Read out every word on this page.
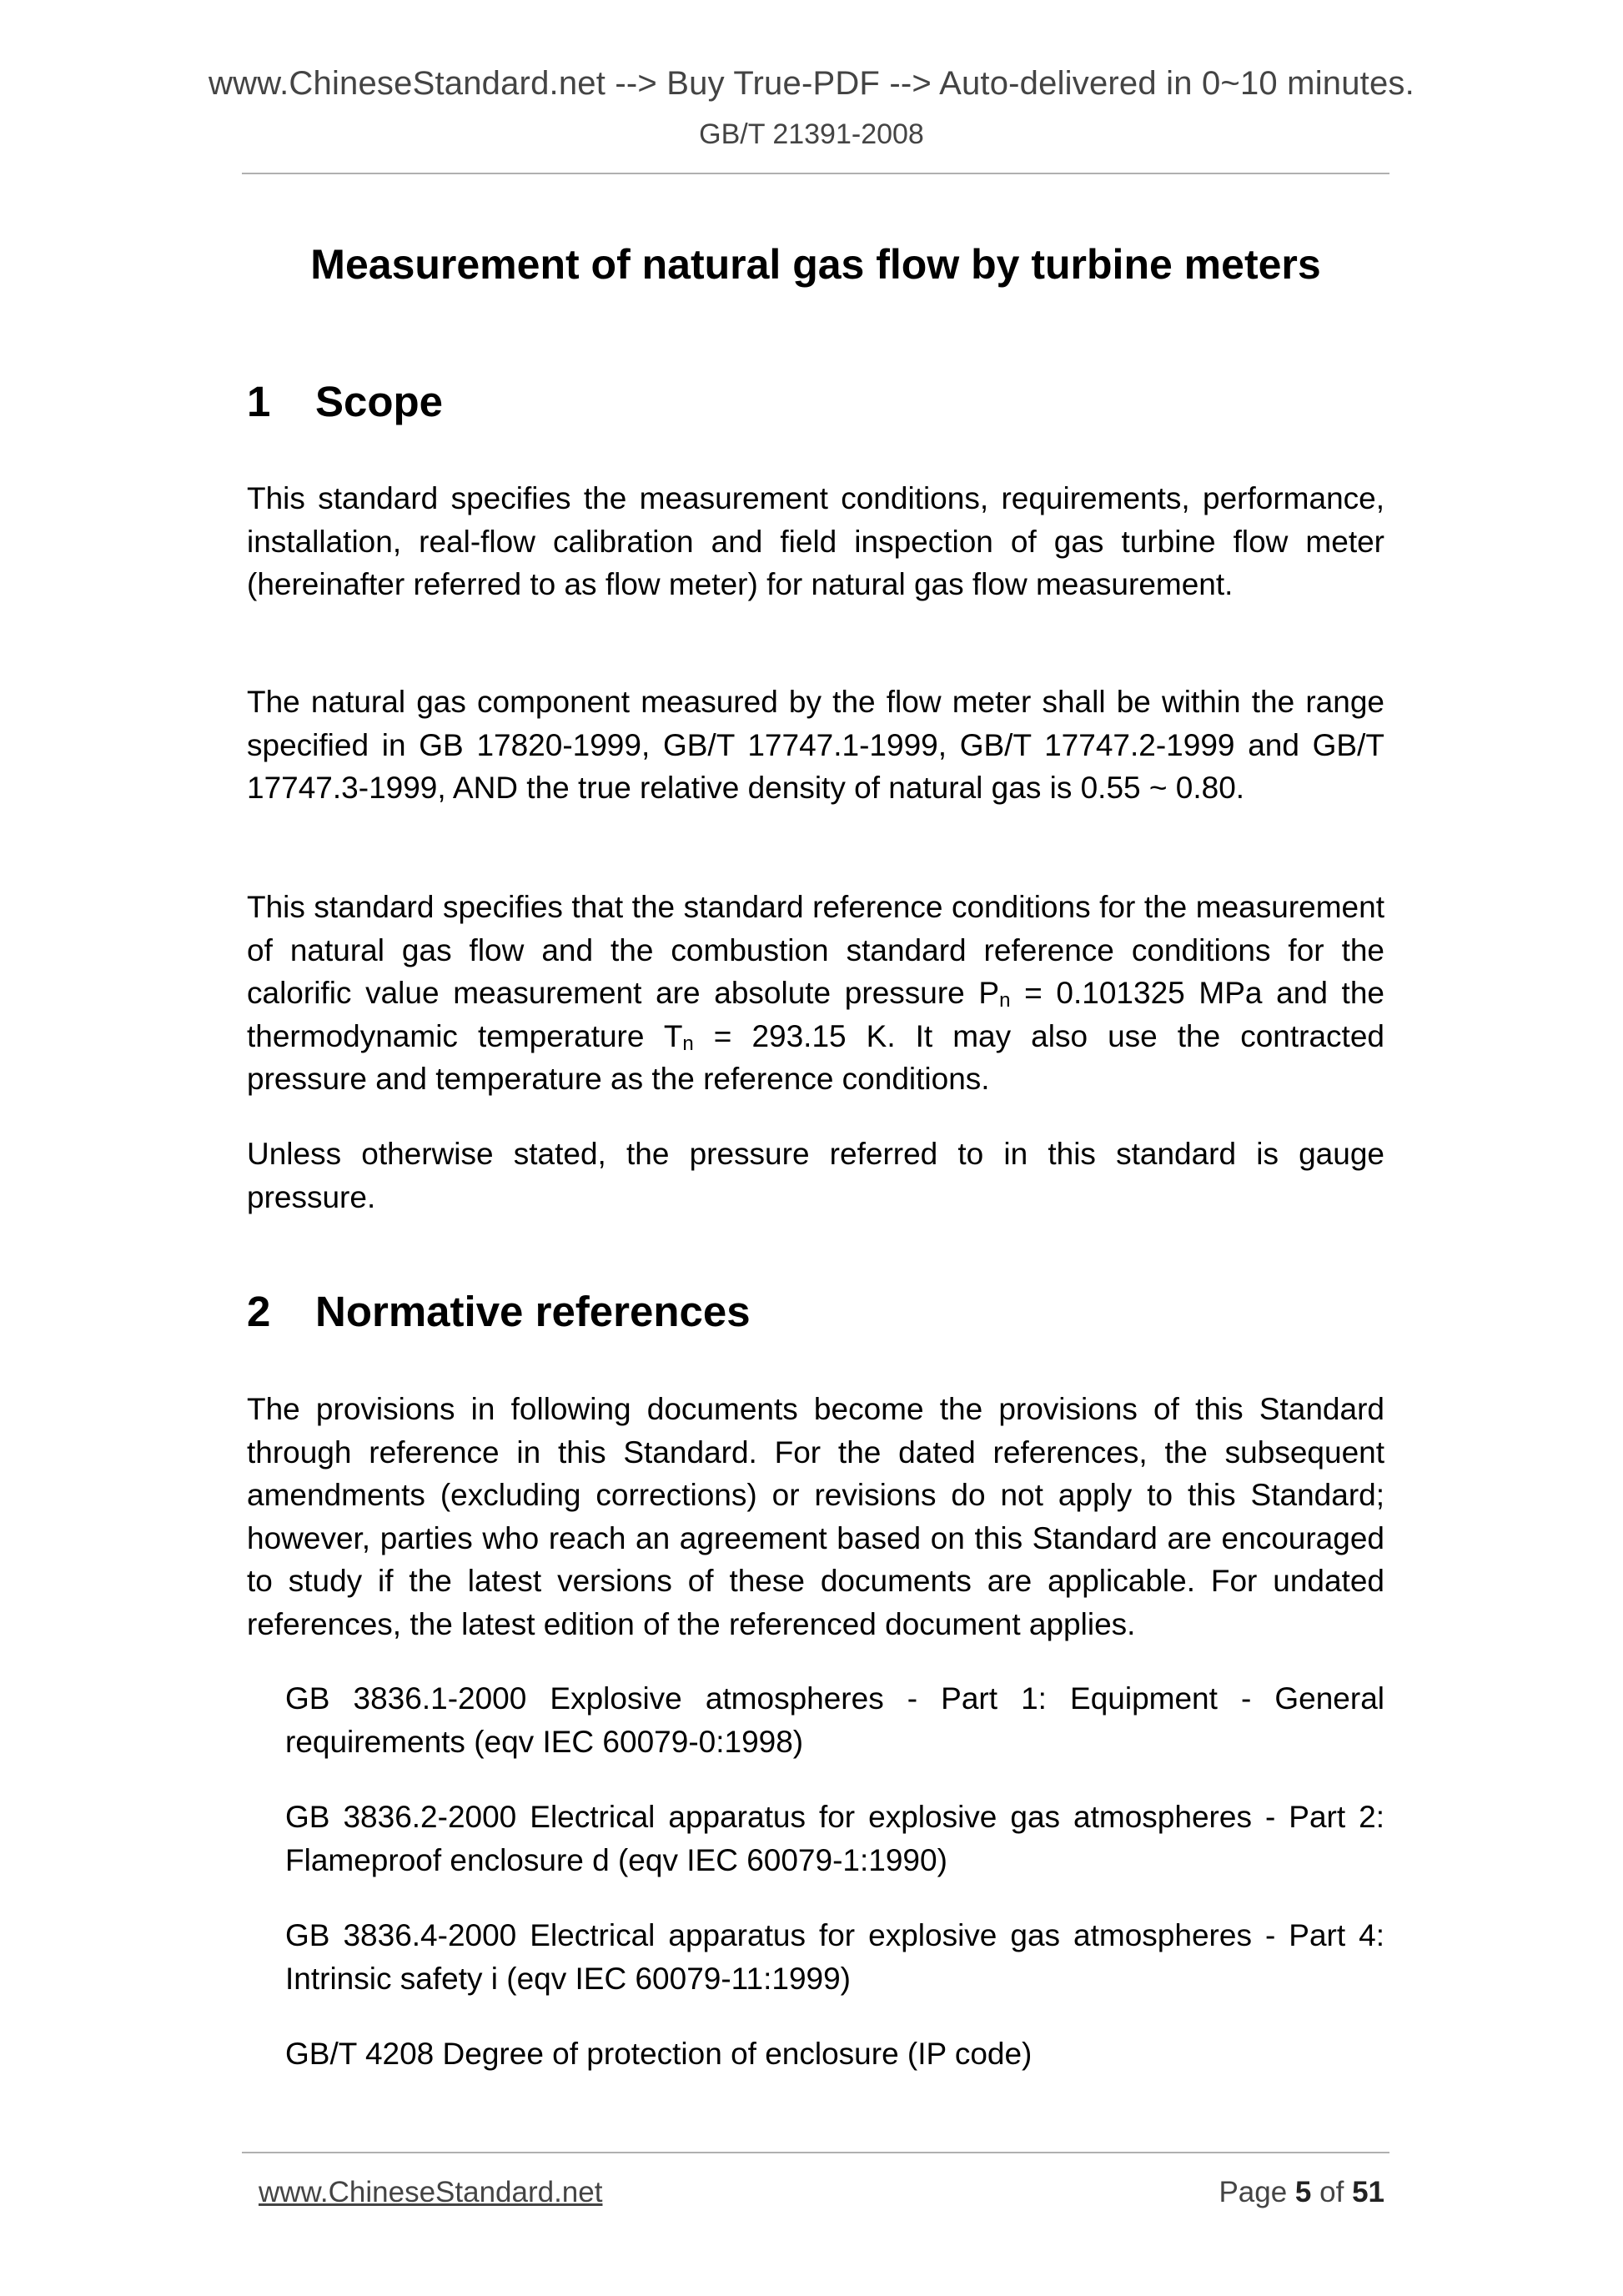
www.ChineseStandard.net --> Buy True-PDF --> Auto-delivered in 0~10 minutes.
GB/T 21391-2008
Measurement of natural gas flow by turbine meters
1 Scope

This standard specifies the measurement conditions, requirements, performance, installation, real-flow calibration and field inspection of gas turbine flow meter (hereinafter referred to as flow meter) for natural gas flow measurement.

The natural gas component measured by the flow meter shall be within the range specified in GB 17820-1999, GB/T 17747.1-1999, GB/T 17747.2-1999 and GB/T 17747.3-1999, AND the true relative density of natural gas is 0.55 ~ 0.80.

This standard specifies that the standard reference conditions for the measurement of natural gas flow and the combustion standard reference conditions for the calorific value measurement are absolute pressure $P_n = 0.101325$ MPa and the thermodynamic temperature $T_n = 293.15$ K. It may also use the contracted pressure and temperature as the reference conditions.

Unless otherwise stated, the pressure referred to in this standard is gauge pressure.

2 Normative references

The provisions in following documents become the provisions of this Standard through reference in this Standard. For the dated references, the subsequent amendments (excluding corrections) or revisions do not apply to this Standard; however, parties who reach an agreement based on this Standard are encouraged to study if the latest versions of these documents are applicable. For undated references, the latest edition of the referenced document applies.

GB 3836.1-2000 Explosive atmospheres - Part 1: Equipment - General requirements (eqv IEC 60079-0:1998)

GB 3836.2-2000 Electrical apparatus for explosive gas atmospheres - Part 2: Flameproof enclosure d (eqv IEC 60079-1:1990)

GB 3836.4-2000 Electrical apparatus for explosive gas atmospheres - Part 4: Intrinsic safety i (eqv IEC 60079-11:1999)

GB/T 4208 Degree of protection of enclosure (IP code)

www.ChineseStandard.net	Page 5 of 51
